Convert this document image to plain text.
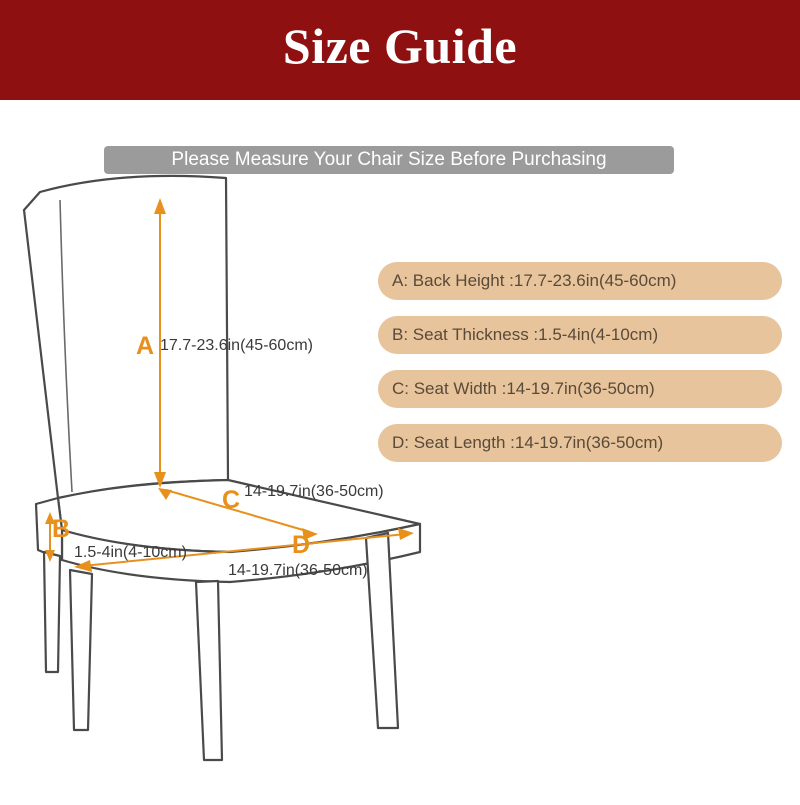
Size Guide
Please Measure Your Chair Size Before Purchasing
A 17.7-23.6in(45-60cm)
C 14-19.7in(36-50cm)
B
1.5-4in(4-10cm)	D
14-19.7in(36-50cm)
A: Back Height :17.7-23.6in(45-60cm)
B: Seat Thickness :1.5-4in(4-10cm)
C: Seat Width :14-19.7in(36-50cm)
D: Seat Length :14-19.7in(36-50cm)
